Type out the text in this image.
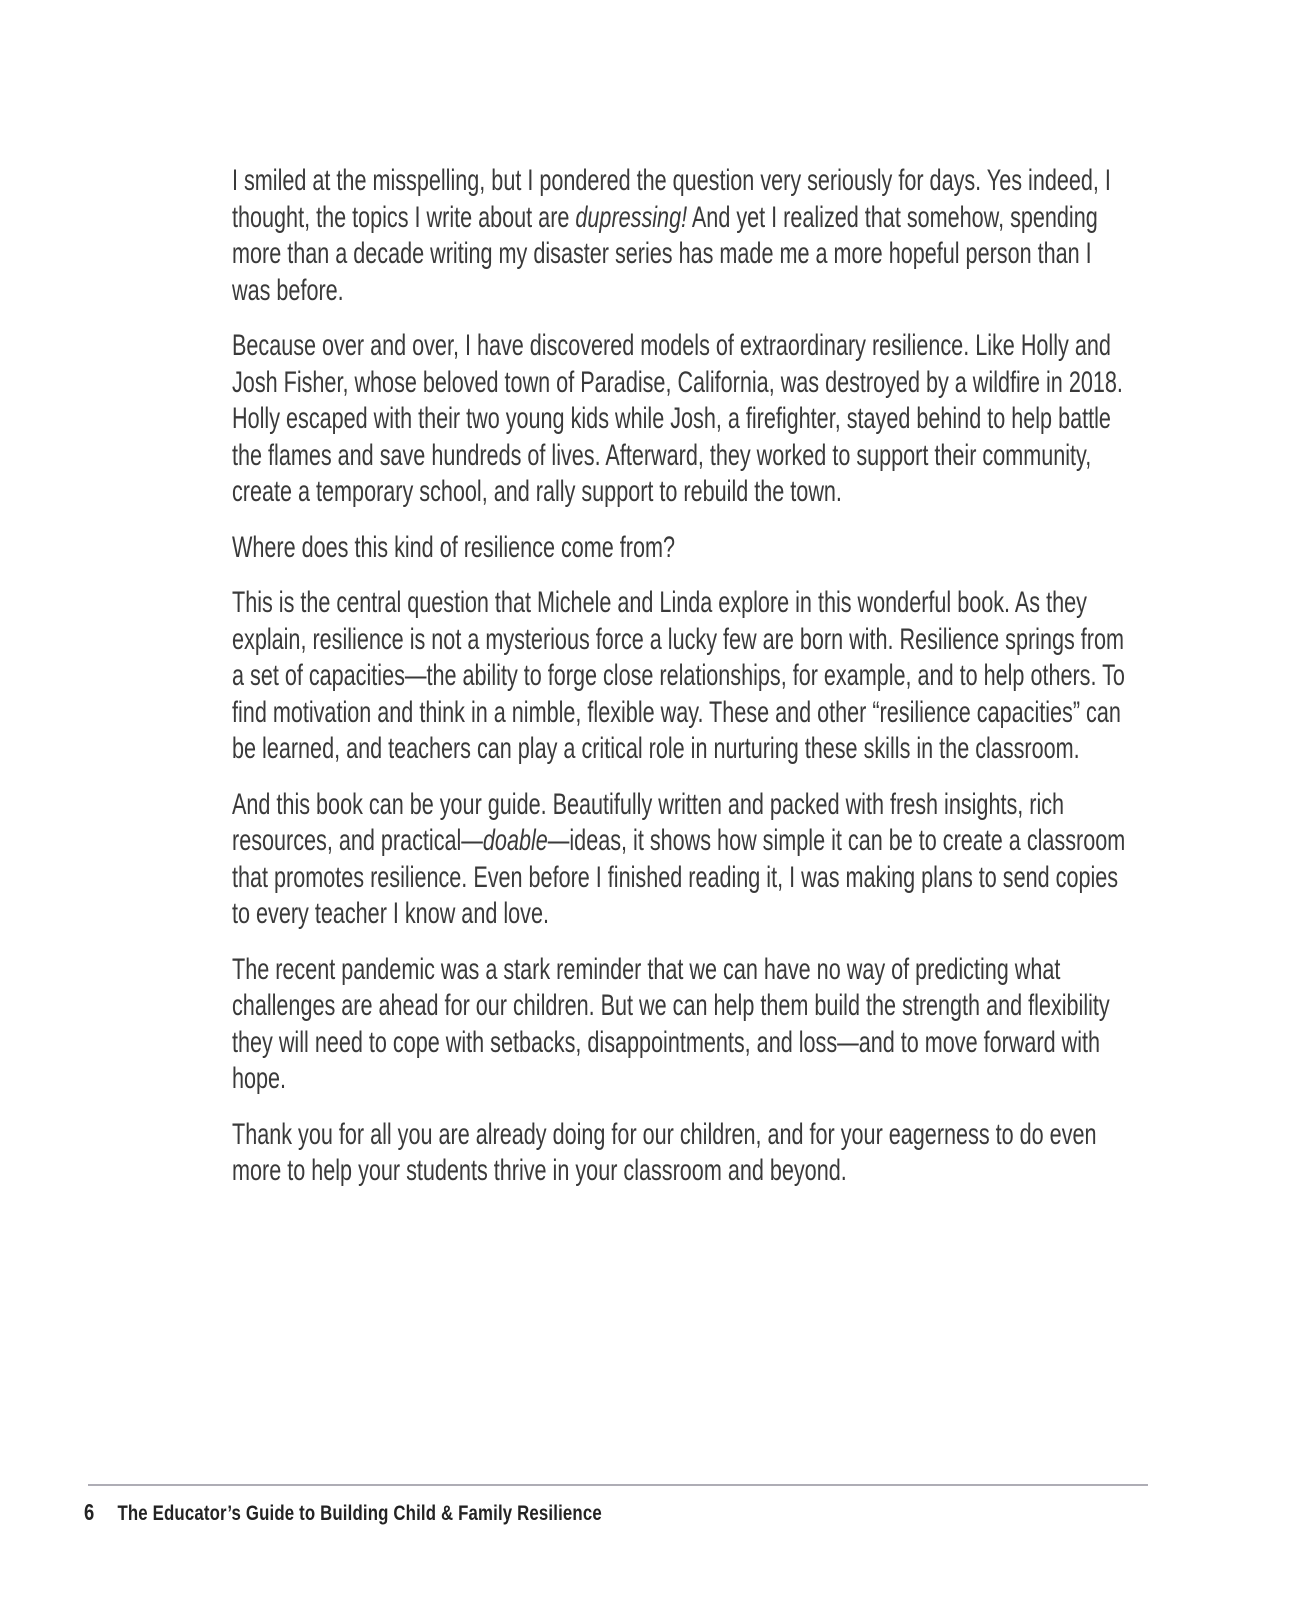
I smiled at the misspelling, but I pondered the question very seriously for days. Yes indeed, I thought, the topics I write about are dupressing! And yet I realized that somehow, spending more than a decade writing my disaster series has made me a more hopeful person than I was before.

Because over and over, I have discovered models of extraordinary resilience. Like Holly and Josh Fisher, whose beloved town of Paradise, California, was destroyed by a wildfire in 2018. Holly escaped with their two young kids while Josh, a firefighter, stayed behind to help battle the flames and save hundreds of lives. Afterward, they worked to support their community, create a temporary school, and rally support to rebuild the town.

Where does this kind of resilience come from?

This is the central question that Michele and Linda explore in this wonderful book. As they explain, resilience is not a mysterious force a lucky few are born with. Resilience springs from a set of capacities—the ability to forge close relationships, for example, and to help others. To find motivation and think in a nimble, flexible way. These and other “resilience capacities” can be learned, and teachers can play a critical role in nurturing these skills in the classroom.

And this book can be your guide. Beautifully written and packed with fresh insights, rich resources, and practical—doable—ideas, it shows how simple it can be to create a classroom that promotes resilience. Even before I finished reading it, I was making plans to send copies to every teacher I know and love.

The recent pandemic was a stark reminder that we can have no way of predicting what challenges are ahead for our children. But we can help them build the strength and flexibility they will need to cope with setbacks, disappointments, and loss—and to move forward with hope.

Thank you for all you are already doing for our children, and for your eagerness to do even more to help your students thrive in your classroom and beyond.

6 The Educator’s Guide to Building Child & Family Resilience
